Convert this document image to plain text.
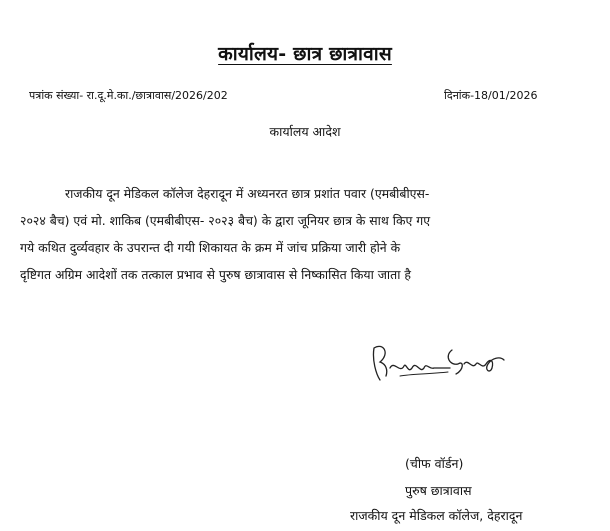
कार्यालय- छात्र छात्रावास
पत्रांक संख्या- रा.दू.मे.का./छात्रावास/2026/202	दिनांक-18/01/2026
कार्यालय आदेश
राजकीय दून मेडिकल कॉलेज देहरादून में अध्यनरत छात्र प्रशांत पवार (एमबीबीएस-
२०२४ बैच) एवं मो. शाकिब (एमबीबीएस- २०२३ बैच) के द्वारा जूनियर छात्र के साथ किए गए
गये कथित दुर्व्यवहार के उपरान्त दी गयी शिकायत के क्रम में जांच प्रक्रिया जारी होने के
दृष्टिगत अग्रिम आदेशों तक तत्काल प्रभाव से पुरुष छात्रावास से निष्कासित किया जाता है
(चीफ वॉर्डन)
पुरुष छात्रावास
राजकीय दून मेडिकल कॉलेज, देहरादून
